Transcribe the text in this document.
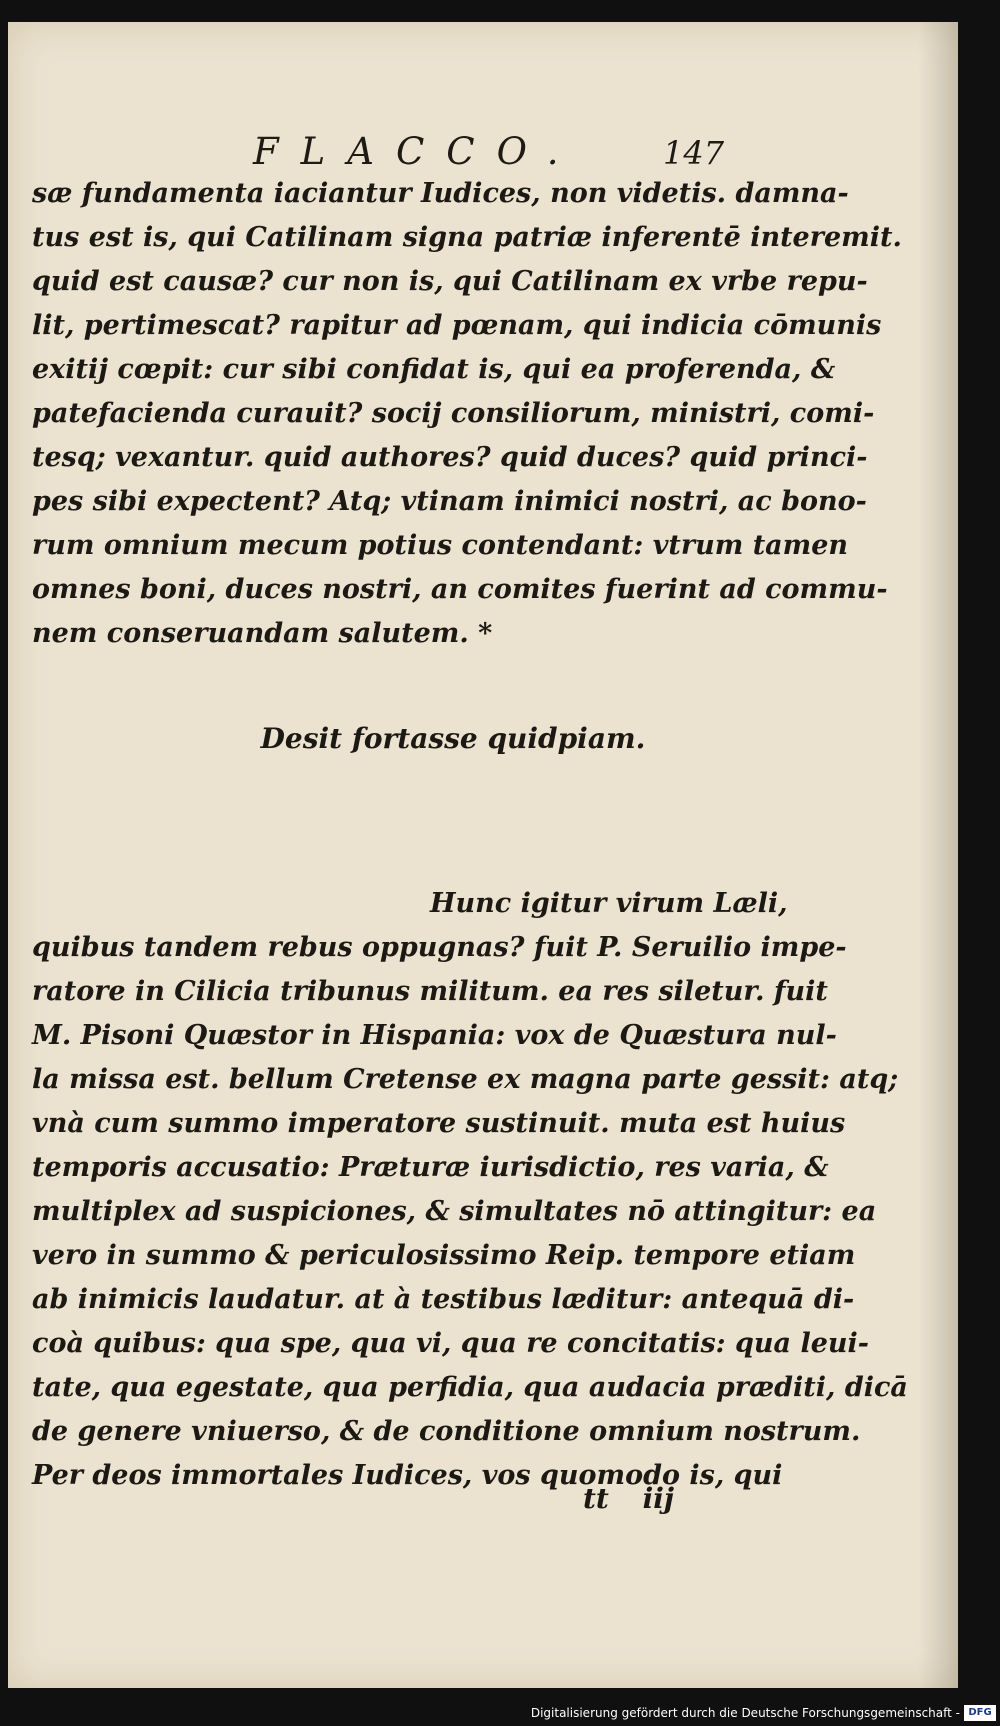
FLACCO.	147
sæ fundamenta iaciantur Iudices, non videtis. damna-
tus est is, qui Catilinam signa patriæ inferentē interemit.
quid est causæ? cur non is, qui Catilinam ex vrbe repu-
lit, pertimescat? rapitur ad pœnam, qui indicia cōmunis
exitij cœpit: cur sibi confidat is, qui ea proferenda, &
patefacienda curauit? socij consiliorum, ministri, comi-
tesq; vexantur. quid authores? quid duces? quid princi-
pes sibi expectent? Atq; vtinam inimici nostri, ac bono-
rum omnium mecum potius contendant: vtrum tamen
omnes boni, duces nostri, an comites fuerint ad commu-
nem conseruandam salutem. *
Desit fortasse quidpiam.
Hunc igitur virum Læli,
quibus tandem rebus oppugnas? fuit P. Seruilio impe-
ratore in Cilicia tribunus militum. ea res siletur. fuit
M. Pisoni Quæstor in Hispania: vox de Quæstura nul-
la missa est. bellum Cretense ex magna parte gessit: atq;
vnà cum summo imperatore sustinuit. muta est huius
temporis accusatio: Præturæ iurisdictio, res varia, &
multiplex ad suspiciones, & simultates nō attingitur: ea
vero in summo & periculosissimo Reip. tempore etiam
ab inimicis laudatur. at à testibus læditur: antequā di-
coà quibus: qua spe, qua vi, qua re concitatis: qua leui-
tate, qua egestate, qua perfidia, qua audacia præditi, dicā
de genere vniuerso, & de conditione omnium nostrum.
Per deos immortales Iudices, vos quomodo is, qui
tt iij
Digitalisierung gefördert durch die Deutsche Forschungsgemeinschaft - DFG
